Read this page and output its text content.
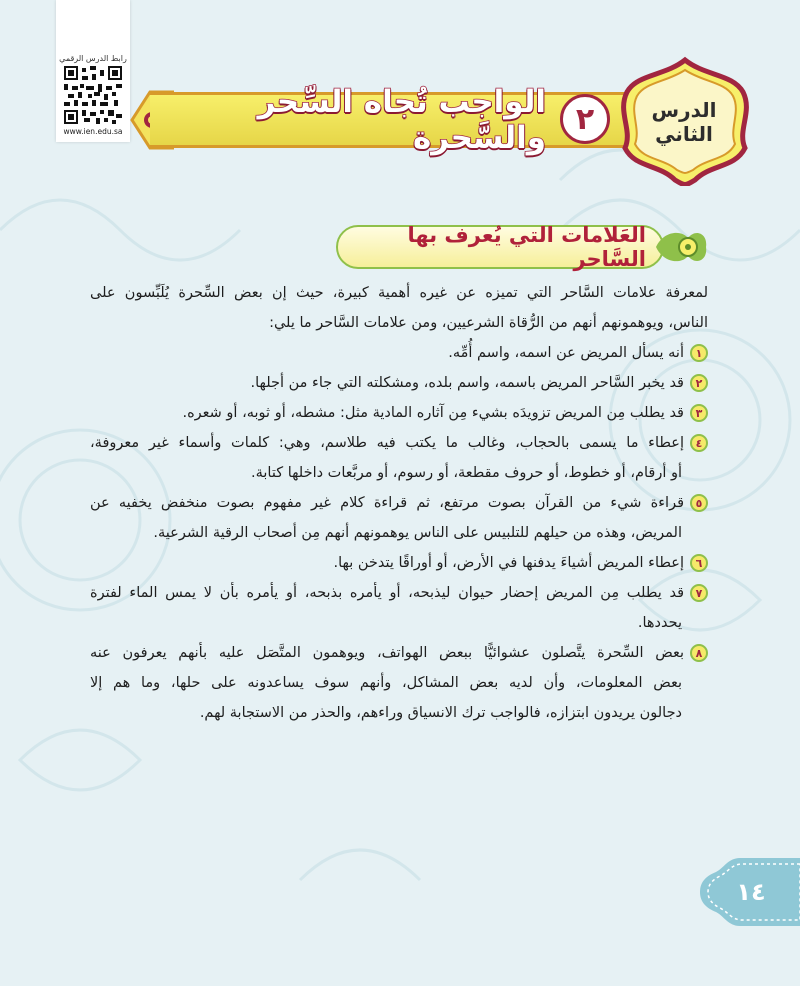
رابط الدرس الرقمي
www.ien.edu.sa
الواجب تُجاه السِّحر والسَّحرة
٢	الدرس
الثاني
العَلامات التي يُعرف بها السَّاحر
لمعرفة علامات السَّاحر التي تميزه عن غيره أهمية كبيرة، حيث إن بعض السِّحرة يُلَبِّسون على
الناس، ويوهمونهم أنهم من الرُّقاة الشرعيين، ومن علامات السَّاحر ما يلي:
١
أنه يسأل المريض عن اسمه، واسم أُمِّه.
٢
قد يخبر السَّاحر المريض باسمه، واسم بلده، ومشكلته التي جاء من أجلها.
٣
قد يطلب مِن المريض تزويدَه بشيء مِن آثاره المادية مثل: مشطه، أو ثوبه، أو شعره.
٤
إعطاء ما يسمى بالحجاب، وغالب ما يكتب فيه طلاسم، وهي: كلمات وأسماء غير معروفة،
أو أرقام، أو خطوط، أو حروف مقطعة، أو رسوم، أو مربَّعات داخلها كتابة.
٥
قراءة شيء من القرآن بصوت مرتفع، ثم قراءة كلام غير مفهوم بصوت منخفض يخفيه عن
المريض، وهذه من حيلهم للتلبيس على الناس يوهمونهم أنهم مِن أصحاب الرقية الشرعية.
٦
إعطاء المريض أشياءَ يدفنها في الأرض، أو أوراقًا يتدخن بها.
٧
قد يطلب مِن المريض إحضار حيوان ليذبحه، أو يأمره بذبحه، أو يأمره بأن لا يمس الماء لفترة
يحددها.
٨
بعض السِّحرة يتَّصلون عشوائيًّا ببعض الهواتف، ويوهمون المتَّصَل عليه بأنهم يعرفون عنه
بعض المعلومات، وأن لديه بعض المشاكل، وأنهم سوف يساعدونه على حلها، وما هم إلا
دجالون يريدون ابتزازه، فالواجب ترك الانسياق وراءهم، والحذر من الاستجابة لهم.
١٤
